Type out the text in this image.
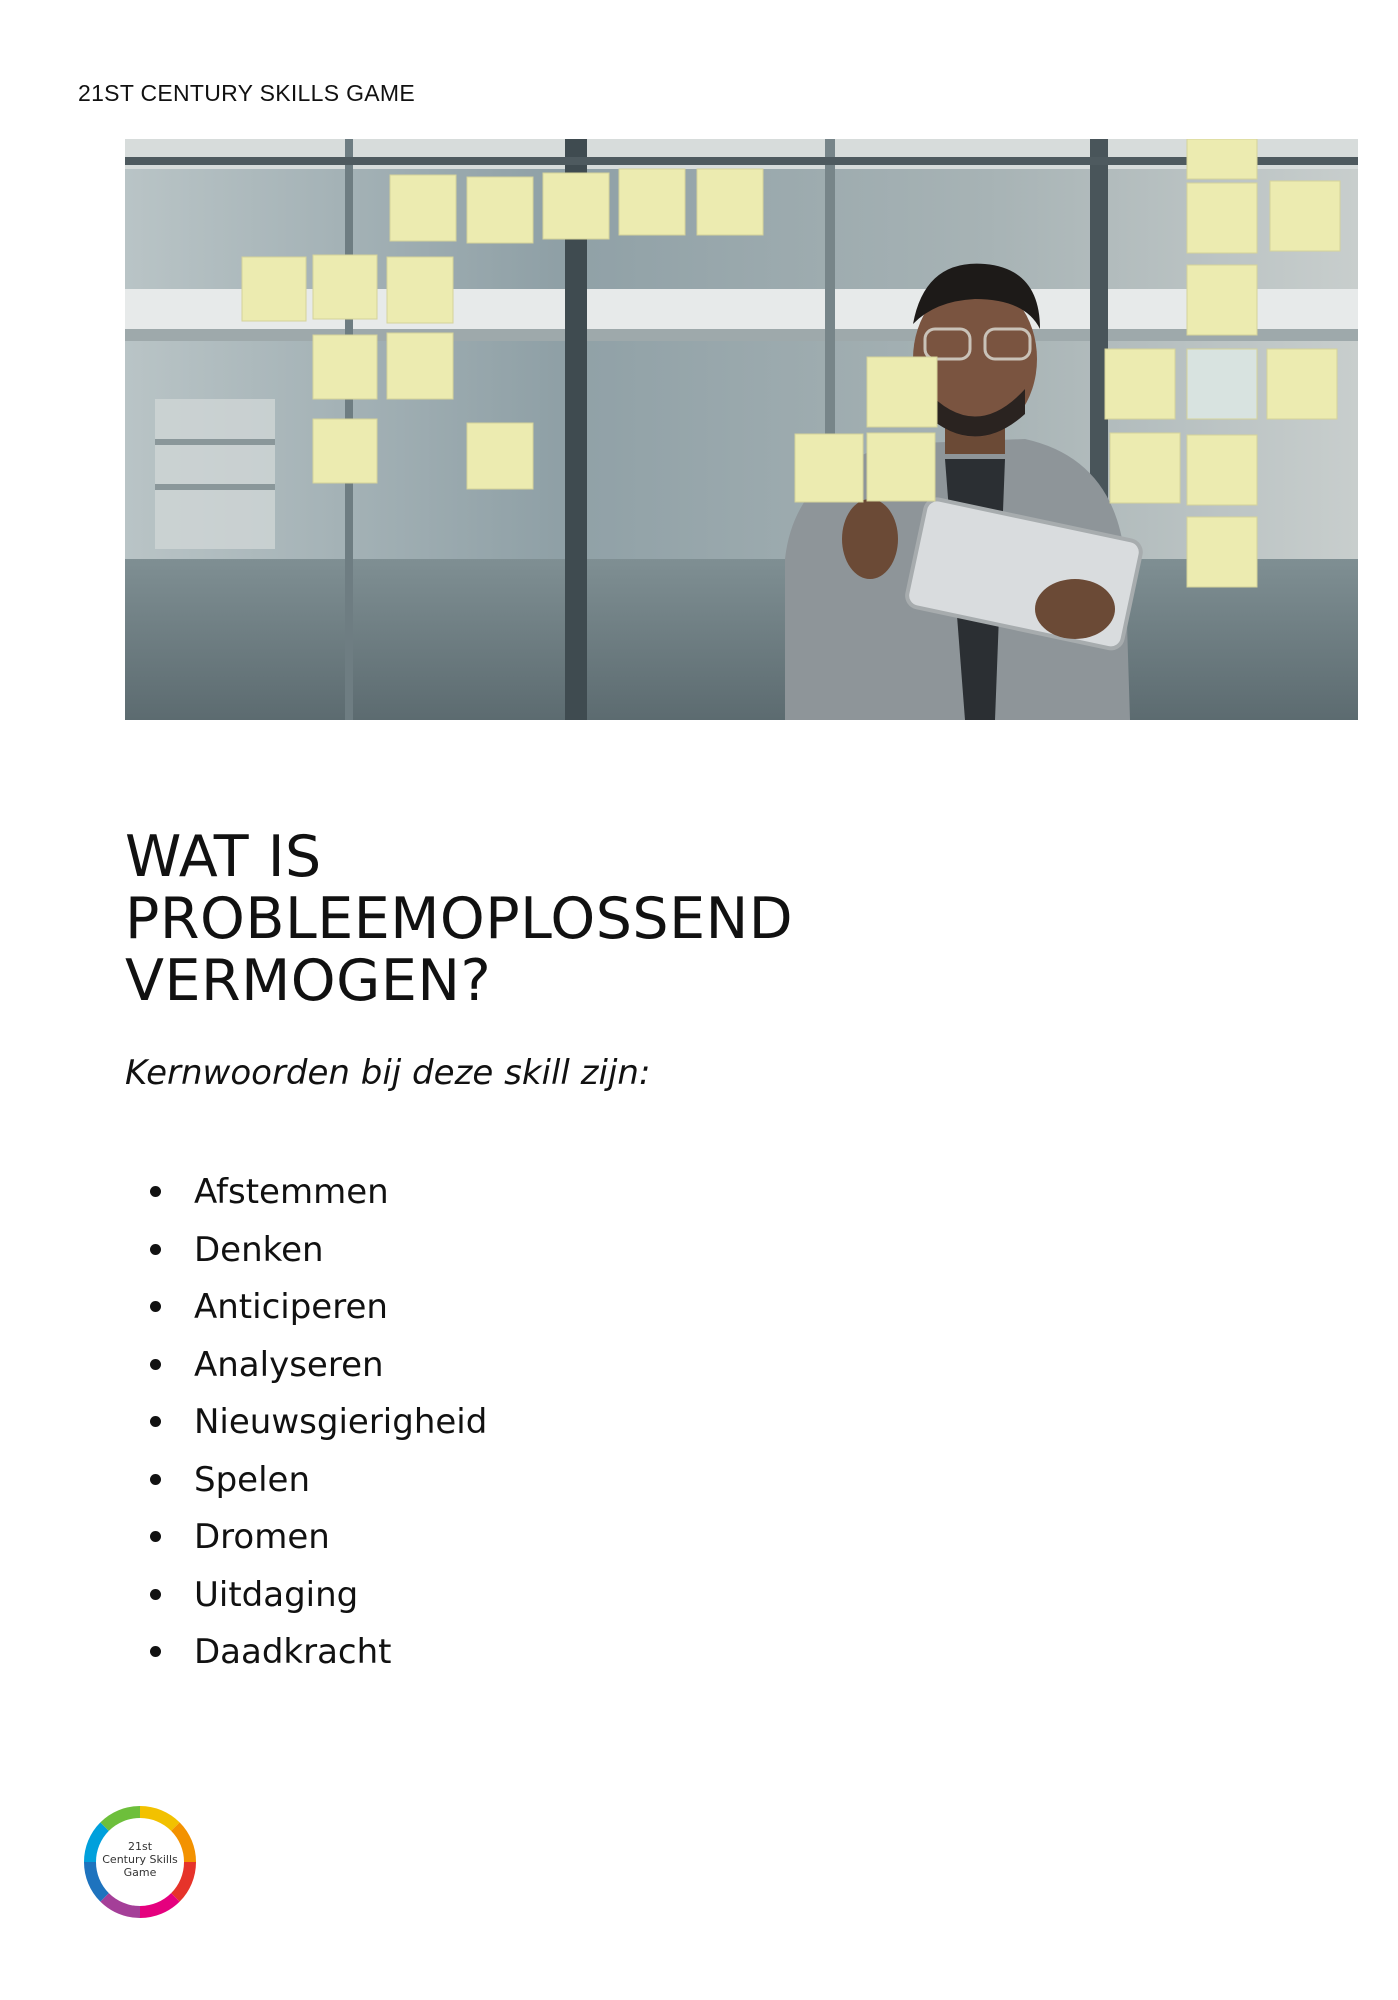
21ST CENTURY SKILLS GAME
WAT IS
PROBLEEMOPLOSSEND
VERMOGEN?

Kernwoorden bij deze skill zijn:

Afstemmen
Denken
Anticiperen
Analyseren
Nieuwsgierigheid
Spelen
Dromen
Uitdaging
Daadkracht
21st
Century Skills
Game
